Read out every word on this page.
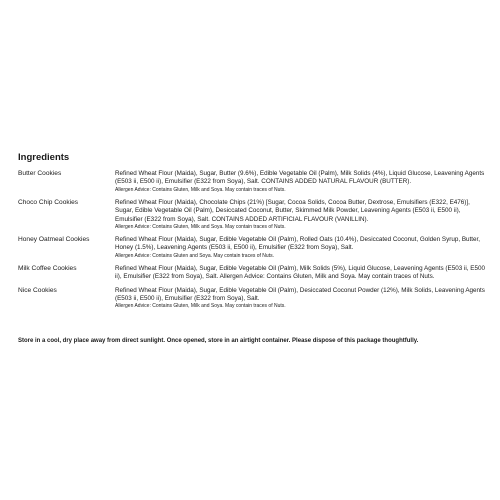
Ingredients
Butter Cookies	Refined Wheat Flour (Maida), Sugar, Butter (9.6%), Edible Vegetable Oil (Palm), Milk Solids (4%), Liquid Glucose, Leavening Agents (E503 ii, E500 ii), Emulsifier (E322 from Soya), Salt. CONTAINS ADDED NATURAL FLAVOUR (BUTTER).

Allergen Advice: Contains Gluten, Milk and Soya. May contain traces of Nuts.

Choco Chip Cookies	Refined Wheat Flour (Maida), Chocolate Chips (21%) [Sugar, Cocoa Solids, Cocoa Butter, Dextrose, Emulsifiers (E322, E476)], Sugar, Edible Vegetable Oil (Palm), Desiccated Coconut, Butter, Skimmed Milk Powder, Leavening Agents (E503 ii, E500 ii), Emulsifier (E322 from Soya), Salt. CONTAINS ADDED ARTIFICIAL FLAVOUR (VANILLIN).

Allergen Advice: Contains Gluten, Milk and Soya. May contain traces of Nuts.

Honey Oatmeal Cookies	Refined Wheat Flour (Maida), Sugar, Edible Vegetable Oil (Palm), Rolled Oats (10.4%), Desiccated Coconut, Golden Syrup, Butter, Honey (1.5%), Leavening Agents (E503 ii, E500 ii), Emulsifier (E322 from Soya), Salt.

Allergen Advice: Contains Gluten and Soya. May contain traces of Nuts.

Milk Coffee Cookies	Refined Wheat Flour (Maida), Sugar, Edible Vegetable Oil (Palm), Milk Solids (5%), Liquid Glucose, Leavening Agents (E503 ii, E500 ii), Emulsifier (E322 from Soya), Salt. Allergen Advice: Contains Gluten, Milk and Soya. May contain traces of Nuts.

Nice Cookies	Refined Wheat Flour (Maida), Sugar, Edible Vegetable Oil (Palm), Desiccated Coconut Powder (12%), Milk Solids, Leavening Agents (E503 ii, E500 ii), Emulsifier (E322 from Soya), Salt.

Allergen Advice: Contains Gluten, Milk and Soya. May contain traces of Nuts.

Store in a cool, dry place away from direct sunlight. Once opened, store in an airtight container. Please dispose of this package thoughtfully.
